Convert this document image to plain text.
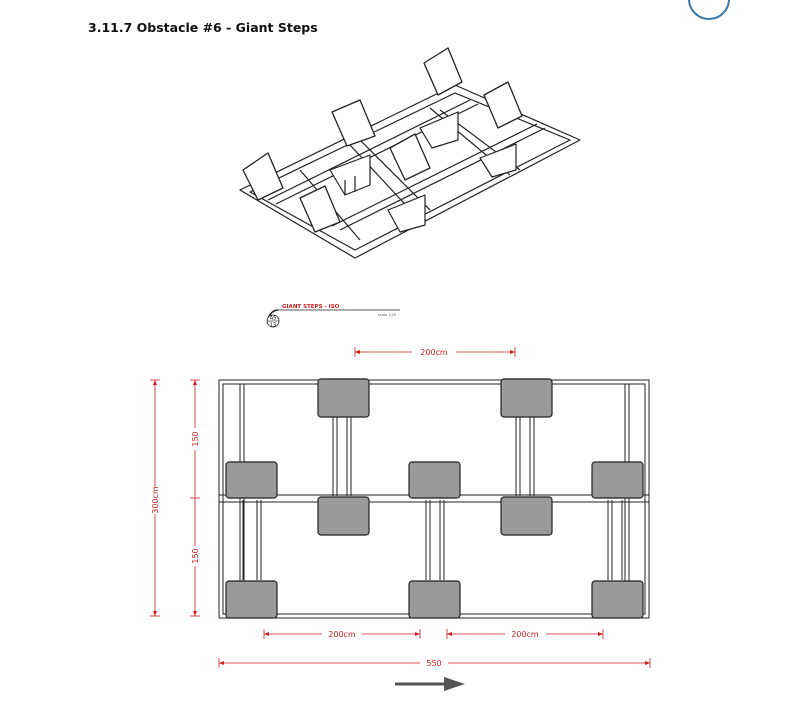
3.11.7 Obstacle #6 - Giant Steps
A5
13
GIANT STEPS - ISO
scale 1:25
200cm
300cm
150
150
200cm	200cm
550
